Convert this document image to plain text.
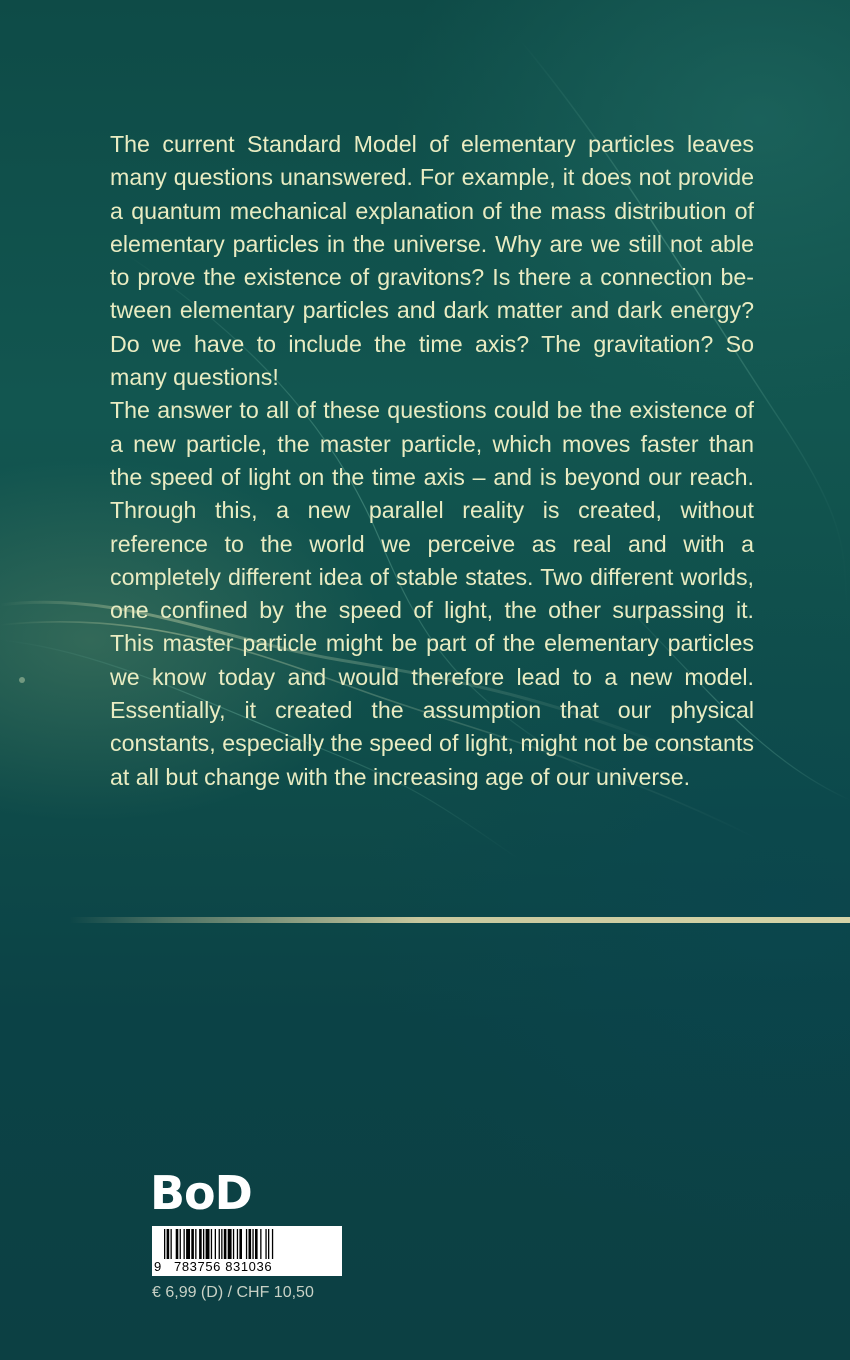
The current Standard Model of elementary particles leaves many questions unanswered. For example, it does not provide a quantum mechanical explanation of the mass distribution of elementary particles in the universe. Why are we still not able to prove the existence of gravitons? Is there a connection between elementary particles and dark matter and dark energy? Do we have to include the time axis? The gravitation? So many questions!

The answer to all of these questions could be the existence of a new particle, the master particle, which moves faster than the speed of light on the time axis – and is beyond our reach. Through this, a new parallel reality is created, without reference to the world we perceive as real and with a completely different idea of stable states. Two different worlds, one confined by the speed of light, the other surpassing it. This master particle might be part of the elementary particles we know today and would therefore lead to a new model. Essentially, it created the assumption that our physical constants, especially the speed of light, might not be constants at all but change with the increasing age of our universe.

BoD
9 783756 831036
€ 6,99 (D) / CHF 10,50
